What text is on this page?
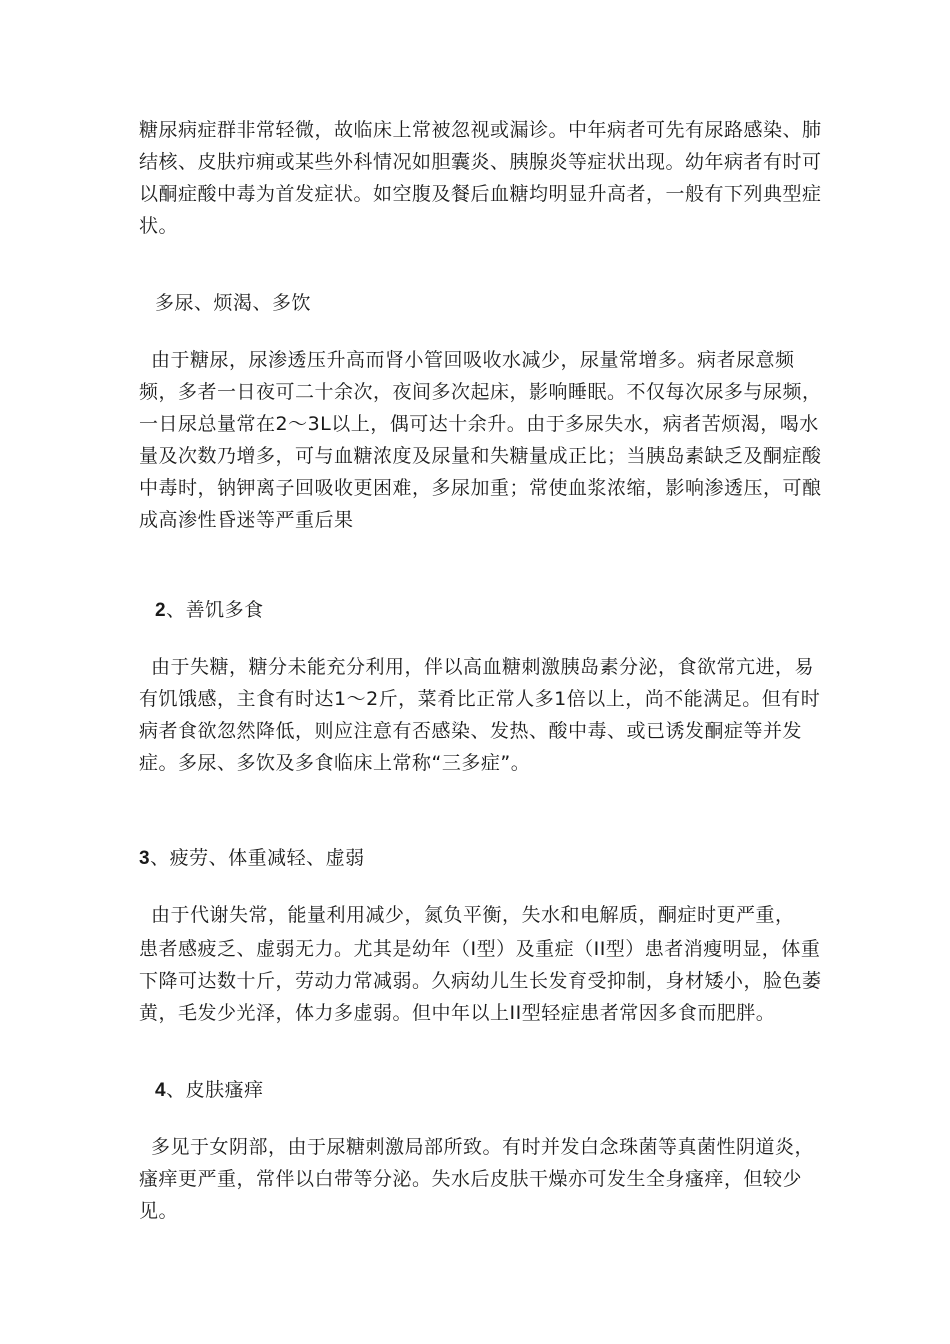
糖尿病症群非常轻微，故临床上常被忽视或漏诊。中年病者可先有尿路感染、肺结核、皮肤疖痈或某些外科情况如胆囊炎、胰腺炎等症状出现。幼年病者有时可以酮症酸中毒为首发症状。如空腹及餐后血糖均明显升高者，一般有下列典型症状。

多尿、烦渴、多饮

由于糖尿，尿渗透压升高而肾小管回吸收水减少，尿量常增多。病者尿意频频，多者一日夜可二十余次，夜间多次起床，影响睡眠。不仅每次尿多与尿频，一日尿总量常在2〜3L以上，偶可达十余升。由于多尿失水，病者苦烦渴，喝水量及次数乃增多，可与血糖浓度及尿量和失糖量成正比；当胰岛素缺乏及酮症酸中毒时，钠钾离子回吸收更困难，多尿加重；常使血浆浓缩，影响渗透压，可酿成高渗性昏迷等严重后果

2、善饥多食

由于失糖，糖分未能充分利用，伴以高血糖刺激胰岛素分泌，食欲常亢进，易有饥饿感，主食有时达1〜2斤，菜肴比正常人多1倍以上，尚不能满足。但有时病者食欲忽然降低，则应注意有否感染、发热、酸中毒、或已诱发酮症等并发症。多尿、多饮及多食临床上常称“三多症”。

3、疲劳、体重减轻、虚弱

由于代谢失常，能量利用减少，氮负平衡，失水和电解质，酮症时更严重，

患者感疲乏、虚弱无力。尤其是幼年（I型）及重症（II型）患者消瘦明显，体重下降可达数十斤，劳动力常减弱。久病幼儿生长发育受抑制，身材矮小，脸色萎黄，毛发少光泽，体力多虚弱。但中年以上II型轻症患者常因多食而肥胖。

4、皮肤瘙痒

多见于女阴部，由于尿糖刺激局部所致。有时并发白念珠菌等真菌性阴道炎，瘙痒更严重，常伴以白带等分泌。失水后皮肤干燥亦可发生全身瘙痒，但较少见。
